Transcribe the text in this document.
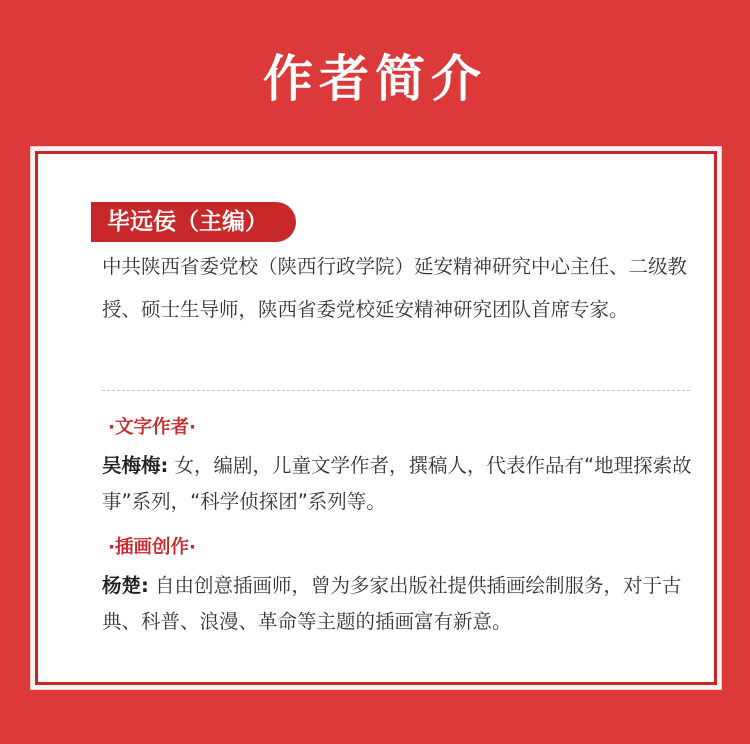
作者简介
毕远佞（主编）
中共陕西省委党校（陕西行政学院）延安精神研究中心主任、二级教授、硕士生导师，陕西省委党校延安精神研究团队首席专家。
·文字作者·
吴梅梅: 女，编剧，儿童文学作者，撰稿人，代表作品有“地理探索故事”系列，“科学侦探团”系列等。
·插画创作·
杨楚: 自由创意插画师，曾为多家出版社提供插画绘制服务，对于古典、科普、浪漫、革命等主题的插画富有新意。
